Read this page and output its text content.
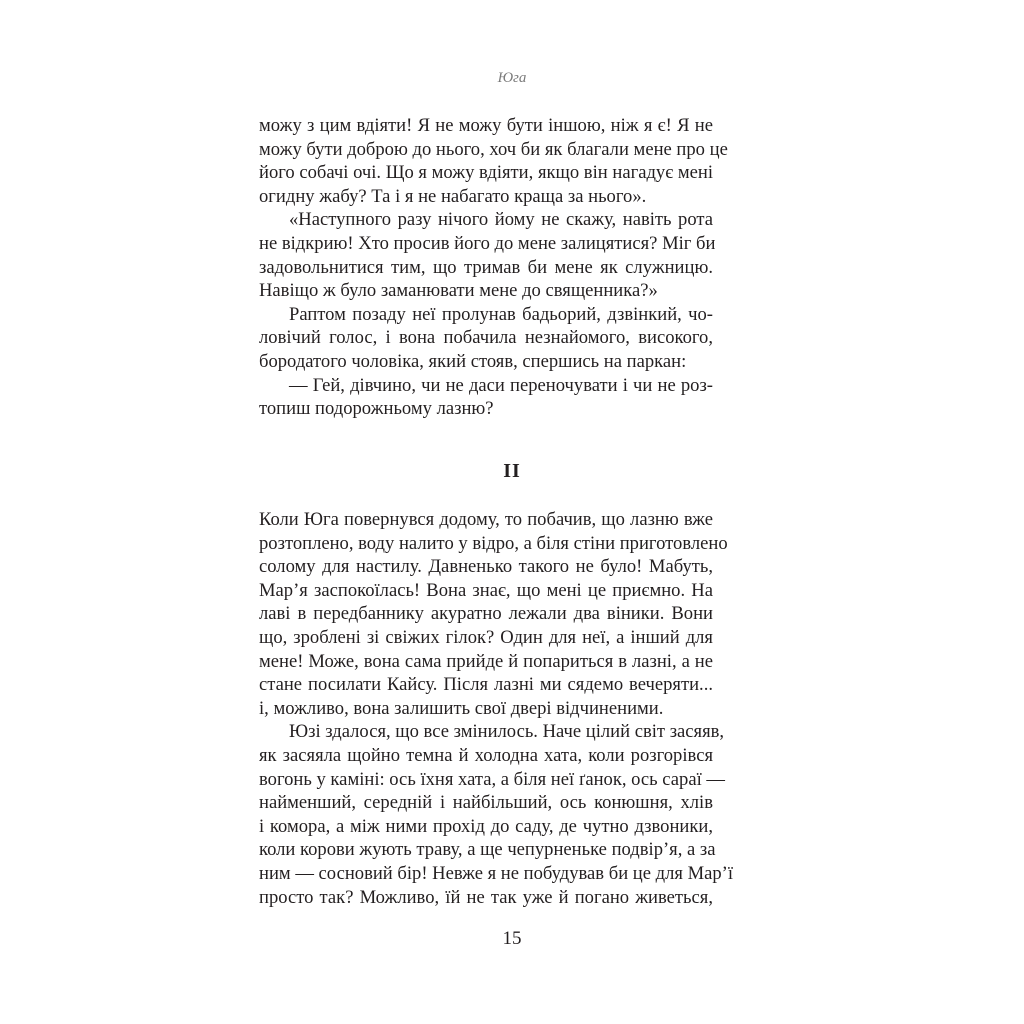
Юга
можу з цим вдіяти! Я не можу бути іншою, ніж я є! Я не
можу бути доброю до нього, хоч би як благали мене про це
його собачі очі. Що я можу вдіяти, якщо він нагадує мені
огидну жабу? Та і я не набагато краща за нього».
«Наступного разу нічого йому не скажу, навіть рота
не відкрию! Хто просив його до мене залицятися? Міг би
задовольнитися тим, що тримав би мене як служницю.
Навіщо ж було заманювати мене до священника?»
Раптом позаду неї пролунав бадьорий, дзвінкий, чо-
ловічий голос, і вона побачила незнайомого, високого,
бородатого чоловіка, який стояв, спершись на паркан:
— Гей, дівчино, чи не даси переночувати і чи не роз-
топиш подорожньому лазню?
II
Коли Юга повернувся додому, то побачив, що лазню вже
розтоплено, воду налито у відро, а біля стіни приготовлено
солому для настилу. Давненько такого не було! Мабуть,
Мар’я заспокоїлась! Вона знає, що мені це приємно. На
лаві в передбаннику акуратно лежали два віники. Вони
що, зроблені зі свіжих гілок? Один для неї, а інший для
мене! Може, вона сама прийде й попариться в лазні, а не
стане посилати Кайсу. Після лазні ми сядемо вечеряти...
і, можливо, вона залишить свої двері відчиненими.
Юзі здалося, що все змінилось. Наче цілий світ засяяв,
як засяяла щойно темна й холодна хата, коли розгорівся
вогонь у каміні: ось їхня хата, а біля неї ґанок, ось сараї —
найменший, середній і найбільший, ось конюшня, хлів
і комора, а між ними прохід до саду, де чутно дзвоники,
коли корови жують траву, а ще чепурненьке подвір’я, а за
ним — сосновий бір! Невже я не побудував би це для Мар’ї
просто так? Можливо, їй не так уже й погано живеться,
15
